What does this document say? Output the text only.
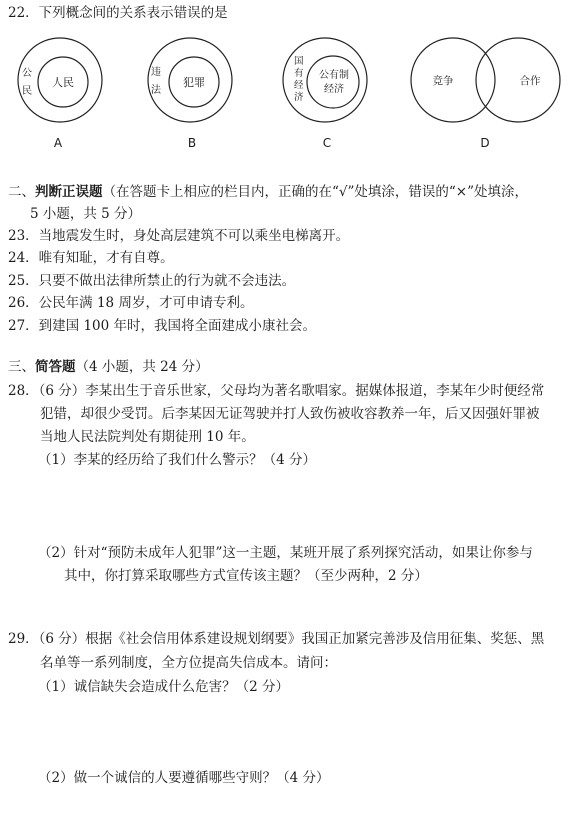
22．下列概念间的关系表示错误的是
公
民
人民
A
违
法
犯罪
B
国
有
经
济
公有制
经济
C
竞争	合作
D
二、判断正误题（在答题卡上相应的栏目内，正确的在“√”处填涂，错误的“×”处填涂，
5 小题，共 5 分）
23．当地震发生时，身处高层建筑不可以乘坐电梯离开。
24．唯有知耻，才有自尊。
25．只要不做出法律所禁止的行为就不会违法。
26．公民年满 18 周岁，才可申请专利。
27．到建国 100 年时，我国将全面建成小康社会。
三、简答题（4 小题，共 24 分）
28．（6 分）李某出生于音乐世家，父母均为著名歌唱家。据媒体报道，李某年少时便经常
犯错，却很少受罚。后李某因无证驾驶并打人致伤被收容教养一年，后又因强奸罪被
当地人民法院判处有期徒刑 10 年。
（1）李某的经历给了我们什么警示？（4 分）
（2）针对“预防未成年人犯罪”这一主题，某班开展了系列探究活动，如果让你参与
其中，你打算采取哪些方式宣传该主题？（至少两种，2 分）
29．（6 分）根据《社会信用体系建设规划纲要》我国正加紧完善涉及信用征集、奖惩、黑
名单等一系列制度，全方位提高失信成本。请问：
（1）诚信缺失会造成什么危害？（2 分）
（2）做一个诚信的人要遵循哪些守则？（4 分）
